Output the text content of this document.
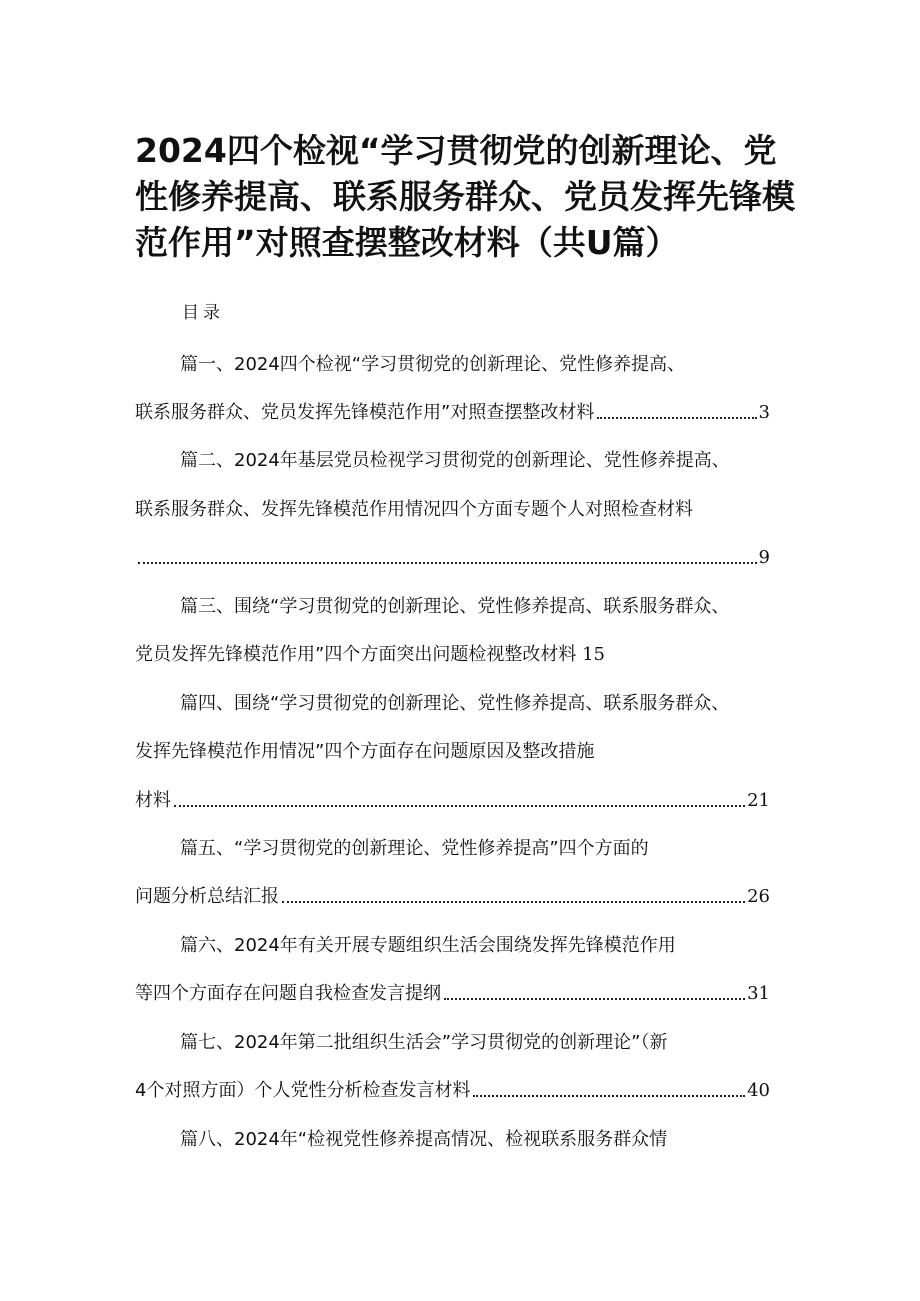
2024四个检视“学习贯彻党的创新理论、党性修养提高、联系服务群众、党员发挥先锋模范作用”对照查摆整改材料（共U篇）
目录
篇一、2024四个检视“学习贯彻党的创新理论、党性修养提高、
联系服务群众、党员发挥先锋模范作用”对照查摆整改材料	3
篇二、2024年基层党员检视学习贯彻党的创新理论、党性修养提高、
联系服务群众、发挥先锋模范作用情况四个方面专题个人对照检查材料
9
篇三、围绕“学习贯彻党的创新理论、党性修养提高、联系服务群众、
党员发挥先锋模范作用”四个方面突出问题检视整改材料 15
篇四、围绕“学习贯彻党的创新理论、党性修养提高、联系服务群众、
发挥先锋模范作用情况”四个方面存在问题原因及整改措施
材料	21
篇五、“学习贯彻党的创新理论、党性修养提高”四个方面的
问题分析总结汇报	26
篇六、2024年有关开展专题组织生活会围绕发挥先锋模范作用
等四个方面存在问题自我检查发言提纲	31
篇七、2024年第二批组织生活会”学习贯彻党的创新理论”（新
4个对照方面）个人党性分析检查发言材料	40
篇八、2024年“检视党性修养提高情况、检视联系服务群众情
